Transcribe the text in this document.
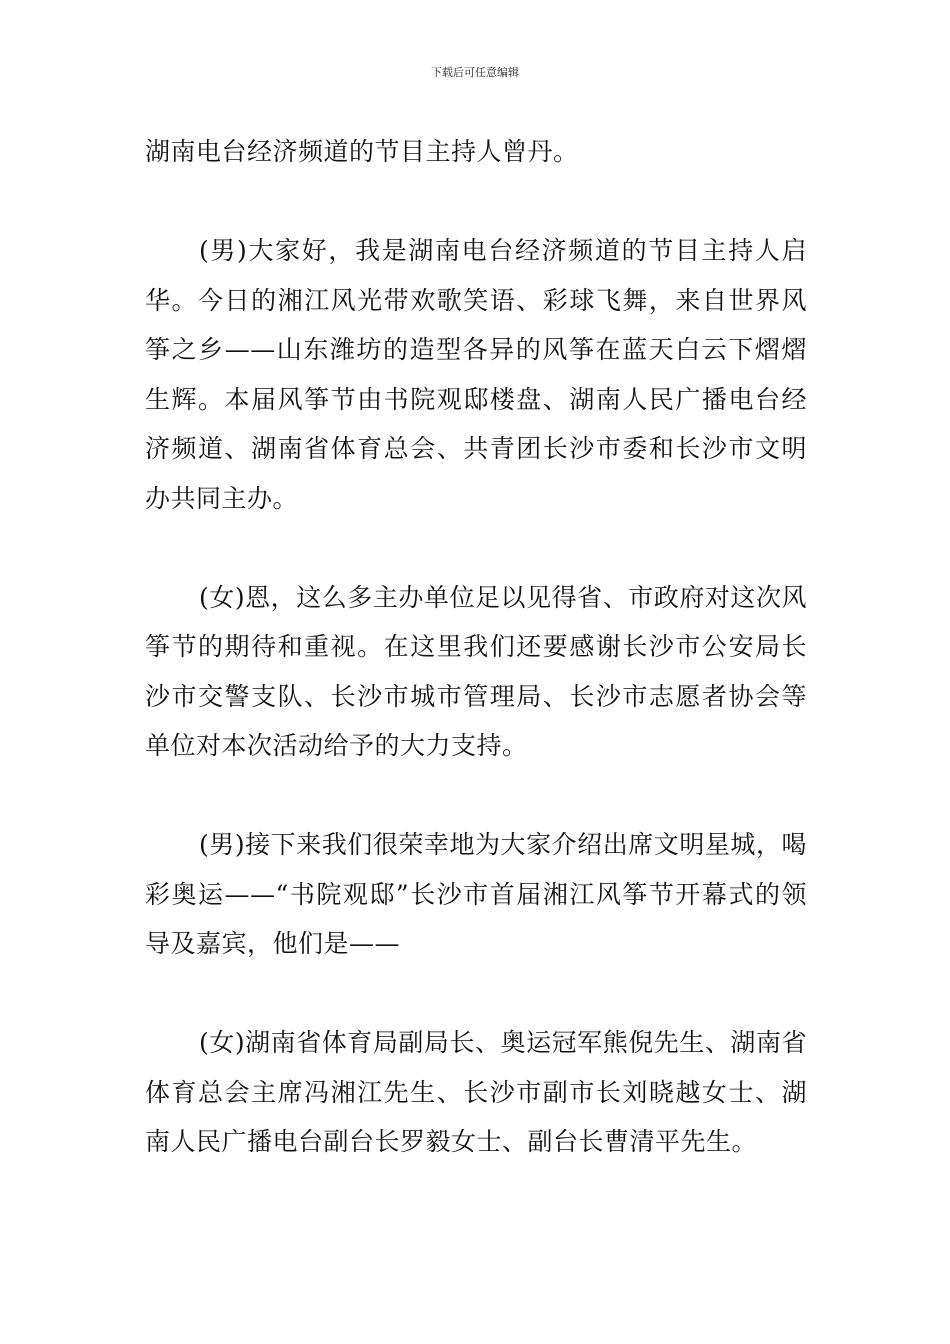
下载后可任意编辑

湖南电台经济频道的节目主持人曾丹。

(男)大家好，我是湖南电台经济频道的节目主持人启华。今日的湘江风光带欢歌笑语、彩球飞舞，来自世界风筝之乡——山东潍坊的造型各异的风筝在蓝天白云下熠熠生辉。本届风筝节由书院观邸楼盘、湖南人民广播电台经济频道、湖南省体育总会、共青团长沙市委和长沙市文明办共同主办。

(女)恩，这么多主办单位足以见得省、市政府对这次风筝节的期待和重视。在这里我们还要感谢长沙市公安局长沙市交警支队、长沙市城市管理局、长沙市志愿者协会等单位对本次活动给予的大力支持。

(男)接下来我们很荣幸地为大家介绍出席文明星城，喝彩奥运——“书院观邸”长沙市首届湘江风筝节开幕式的领导及嘉宾，他们是——

(女)湖南省体育局副局长、奥运冠军熊倪先生、湖南省体育总会主席冯湘江先生、长沙市副市长刘晓越女士、湖南人民广播电台副台长罗毅女士、副台长曹清平先生。
